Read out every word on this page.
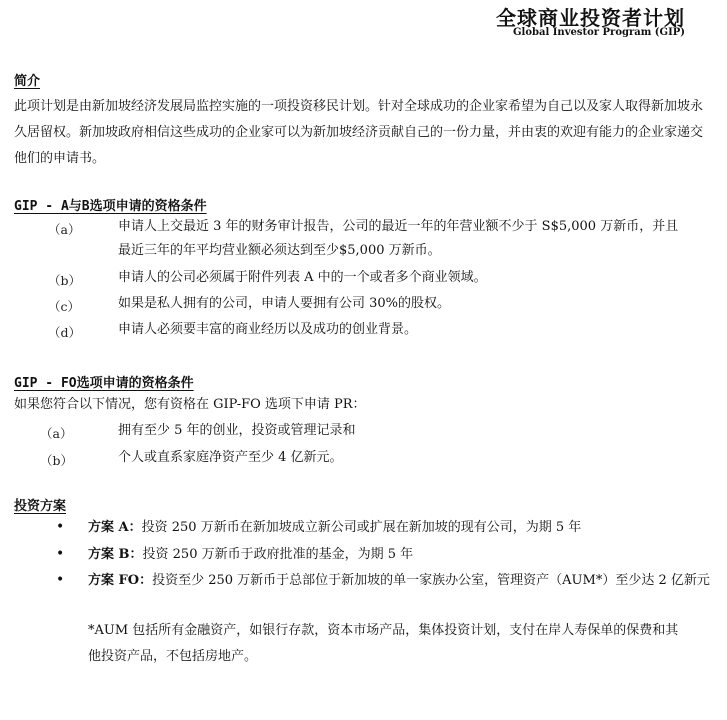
全球商业投资者计划
Global Investor Program (GIP)
简介
此项计划是由新加坡经济发展局监控实施的一项投资移民计划。针对全球成功的企业家希望为自己以及家人取得新加坡永久居留权。新加坡政府相信这些成功的企业家可以为新加坡经济贡献自己的一份力量，并由衷的欢迎有能力的企业家递交他们的申请书。
GIP - A与B选项申请的资格条件
（a）	申请人上交最近 3 年的财务审计报告，公司的最近一年的年营业额不少于 S$5,000 万新币，并且最近三年的年平均营业额必须达到至少$5,000 万新币。
（b）	申请人的公司必须属于附件列表 A 中的一个或者多个商业领域。
（c）	如果是私人拥有的公司，申请人要拥有公司 30%的股权。
（d）	申请人必须要丰富的商业经历以及成功的创业背景。
GIP - FO选项申请的资格条件
如果您符合以下情况，您有资格在 GIP-FO 选项下申请 PR：
（a）	拥有至少 5 年的创业，投资或管理记录和
（b）	个人或直系家庭净资产至少 4 亿新元。
投资方案
• 方案 A：投资 250 万新币在新加坡成立新公司或扩展在新加坡的现有公司，为期 5 年
• 方案 B：投资 250 万新币于政府批准的基金，为期 5 年
• 方案 FO：投资至少 250 万新币于总部位于新加坡的单一家族办公室，管理资产（AUM*）至少达 2 亿新元
*AUM 包括所有金融资产，如银行存款，资本市场产品，集体投资计划，支付在岸人寿保单的保费和其他投资产品，不包括房地产。
